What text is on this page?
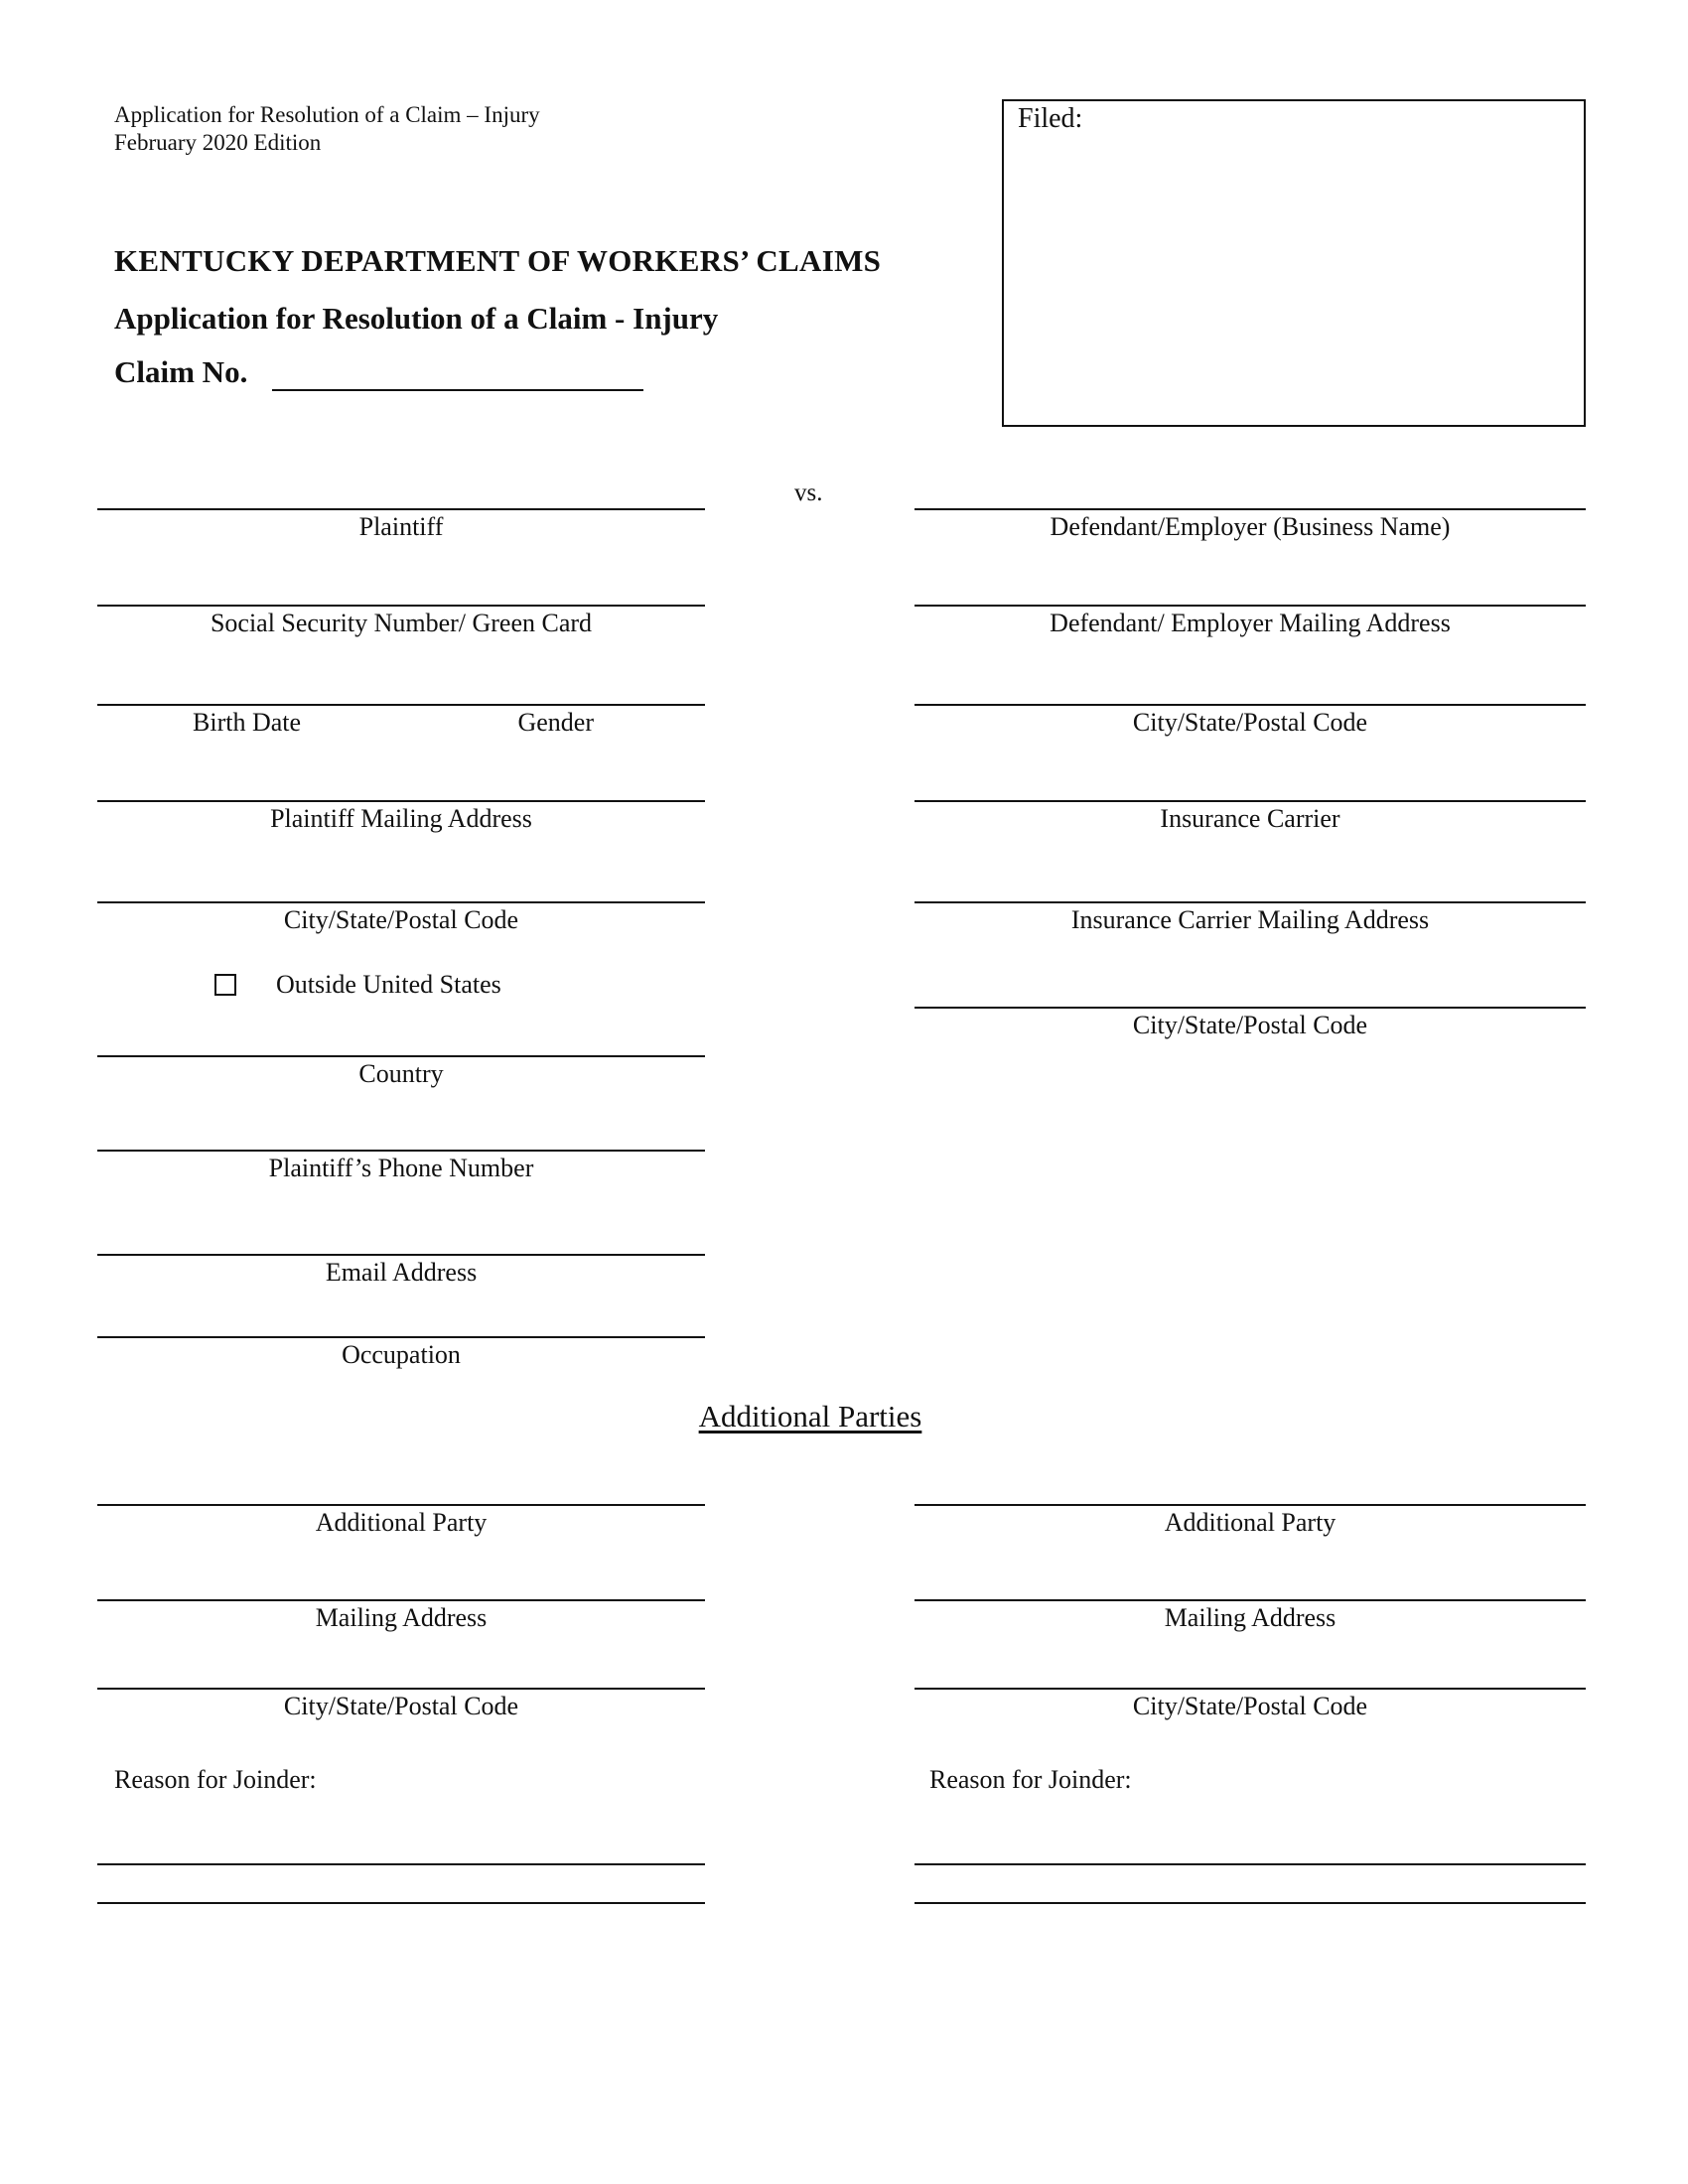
Application for Resolution of a Claim – Injury
February 2020 Edition
KENTUCKY DEPARTMENT OF WORKERS’ CLAIMS
Application for Resolution of a Claim - Injury
Claim No.
Filed:
vs.
Plaintiff
Social Security Number/ Green Card
Birth Date	Gender
Plaintiff Mailing Address
City/State/Postal Code
Outside United States
Country
Plaintiff’s Phone Number
Email Address
Occupation
Defendant/Employer (Business Name)
Defendant/ Employer Mailing Address
City/State/Postal Code
Insurance Carrier
Insurance Carrier Mailing Address
City/State/Postal Code
Additional Parties
Additional Party
Mailing Address
City/State/Postal Code
Reason for Joinder:
Additional Party
Mailing Address
City/State/Postal Code
Reason for Joinder:
